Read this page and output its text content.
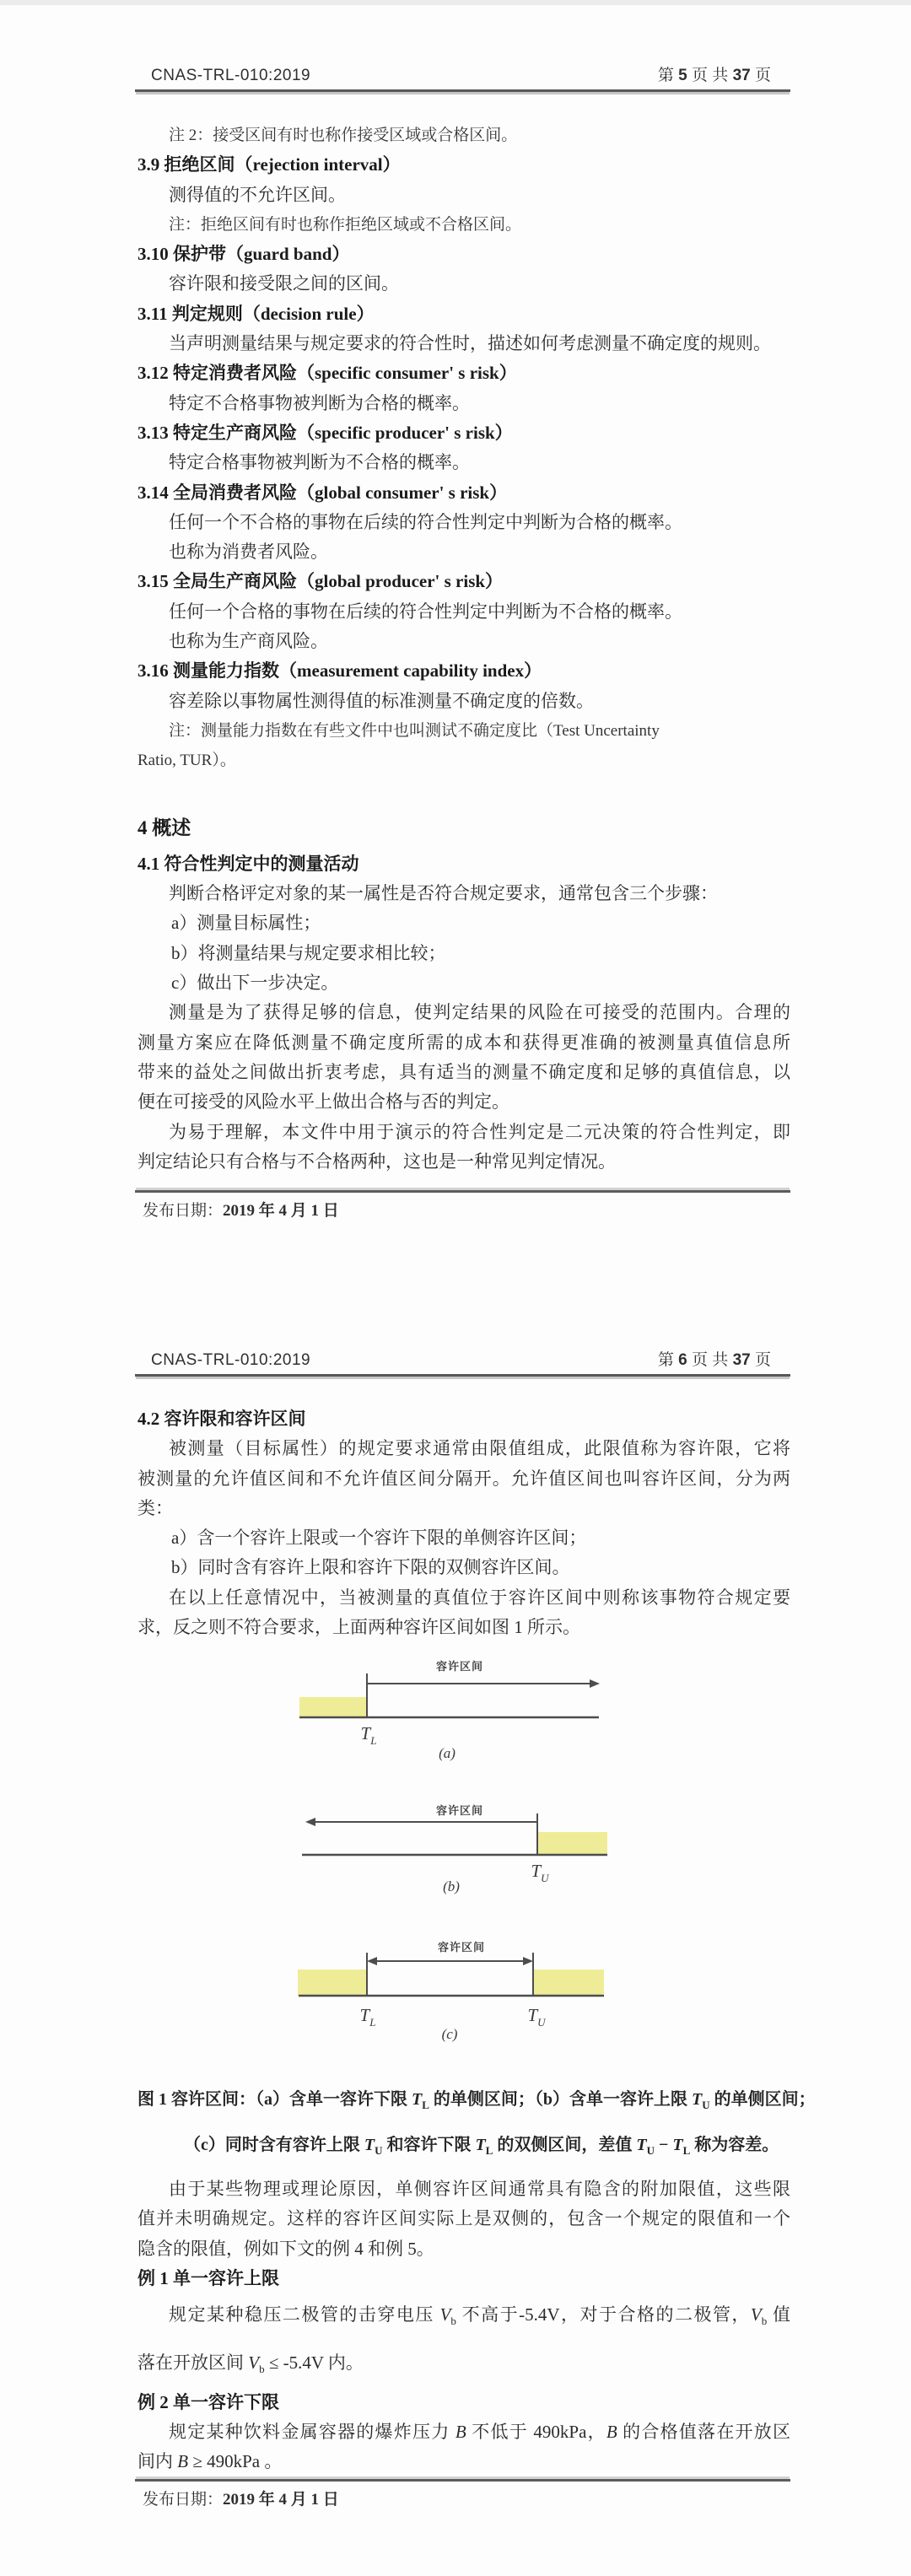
CNAS-TRL-010:2019	第 5 页 共 37 页
注 2：接受区间有时也称作接受区域或合格区间。
3.9 拒绝区间（rejection interval）
测得值的不允许区间。
注：拒绝区间有时也称作拒绝区域或不合格区间。
3.10 保护带（guard band）
容许限和接受限之间的区间。
3.11 判定规则（decision rule）
当声明测量结果与规定要求的符合性时，描述如何考虑测量不确定度的规则。
3.12 特定消费者风险（specific consumer' s risk）
特定不合格事物被判断为合格的概率。
3.13 特定生产商风险（specific producer' s risk）
特定合格事物被判断为不合格的概率。
3.14 全局消费者风险（global consumer' s risk）
任何一个不合格的事物在后续的符合性判定中判断为合格的概率。
也称为消费者风险。
3.15 全局生产商风险（global producer' s risk）
任何一个合格的事物在后续的符合性判定中判断为不合格的概率。
也称为生产商风险。
3.16 测量能力指数（measurement capability index）
容差除以事物属性测得值的标准测量不确定度的倍数。
注：测量能力指数在有些文件中也叫测试不确定度比（Test Uncertainty
Ratio, TUR）。
4 概述
4.1 符合性判定中的测量活动
判断合格评定对象的某一属性是否符合规定要求，通常包含三个步骤：
a）测量目标属性；
b）将测量结果与规定要求相比较；
c）做出下一步决定。
测量是为了获得足够的信息，使判定结果的风险在可接受的范围内。合理的
测量方案应在降低测量不确定度所需的成本和获得更准确的被测量真值信息所
带来的益处之间做出折衷考虑，具有适当的测量不确定度和足够的真值信息，以
便在可接受的风险水平上做出合格与否的判定。
为易于理解，本文件中用于演示的符合性判定是二元决策的符合性判定，即
判定结论只有合格与不合格两种，这也是一种常见判定情况。
发布日期：2019 年 4 月 1 日
CNAS-TRL-010:2019	第 6 页 共 37 页
4.2 容许限和容许区间
被测量（目标属性）的规定要求通常由限值组成，此限值称为容许限，它将
被测量的允许值区间和不允许值区间分隔开。允许值区间也叫容许区间，分为两
类：
a）含一个容许上限或一个容许下限的单侧容许区间；
b）同时含有容许上限和容许下限的双侧容许区间。
在以上任意情况中，当被测量的真值位于容许区间中则称该事物符合规定要
求，反之则不符合要求，上面两种容许区间如图 1 所示。
容许区间
$T_L$
(a)
容许区间
$T_U$
(b)
容许区间
$T_L$	$T_U$
(c)
图 1 容许区间：（a）含单一容许下限 $T_L$ 的单侧区间；（b）含单一容许上限 $T_U$ 的单侧区间；
（c）同时含有容许上限 $T_U$ 和容许下限 $T_L$ 的双侧区间，差值 $T_U - T_L$ 称为容差。
由于某些物理或理论原因，单侧容许区间通常具有隐含的附加限值，这些限
值并未明确规定。这样的容许区间实际上是双侧的，包含一个规定的限值和一个
隐含的限值，例如下文的例 4 和例 5。
例 1 单一容许上限
规定某种稳压二极管的击穿电压 $V_b$ 不高于-5.4V，对于合格的二极管，$V_b$ 值
落在开放区间 $V_b \le -5.4V$ 内。
例 2 单一容许下限
规定某种饮料金属容器的爆炸压力 B 不低于 490kPa，B 的合格值落在开放区
间内 B ≥ 490kPa 。
发布日期：2019 年 4 月 1 日
